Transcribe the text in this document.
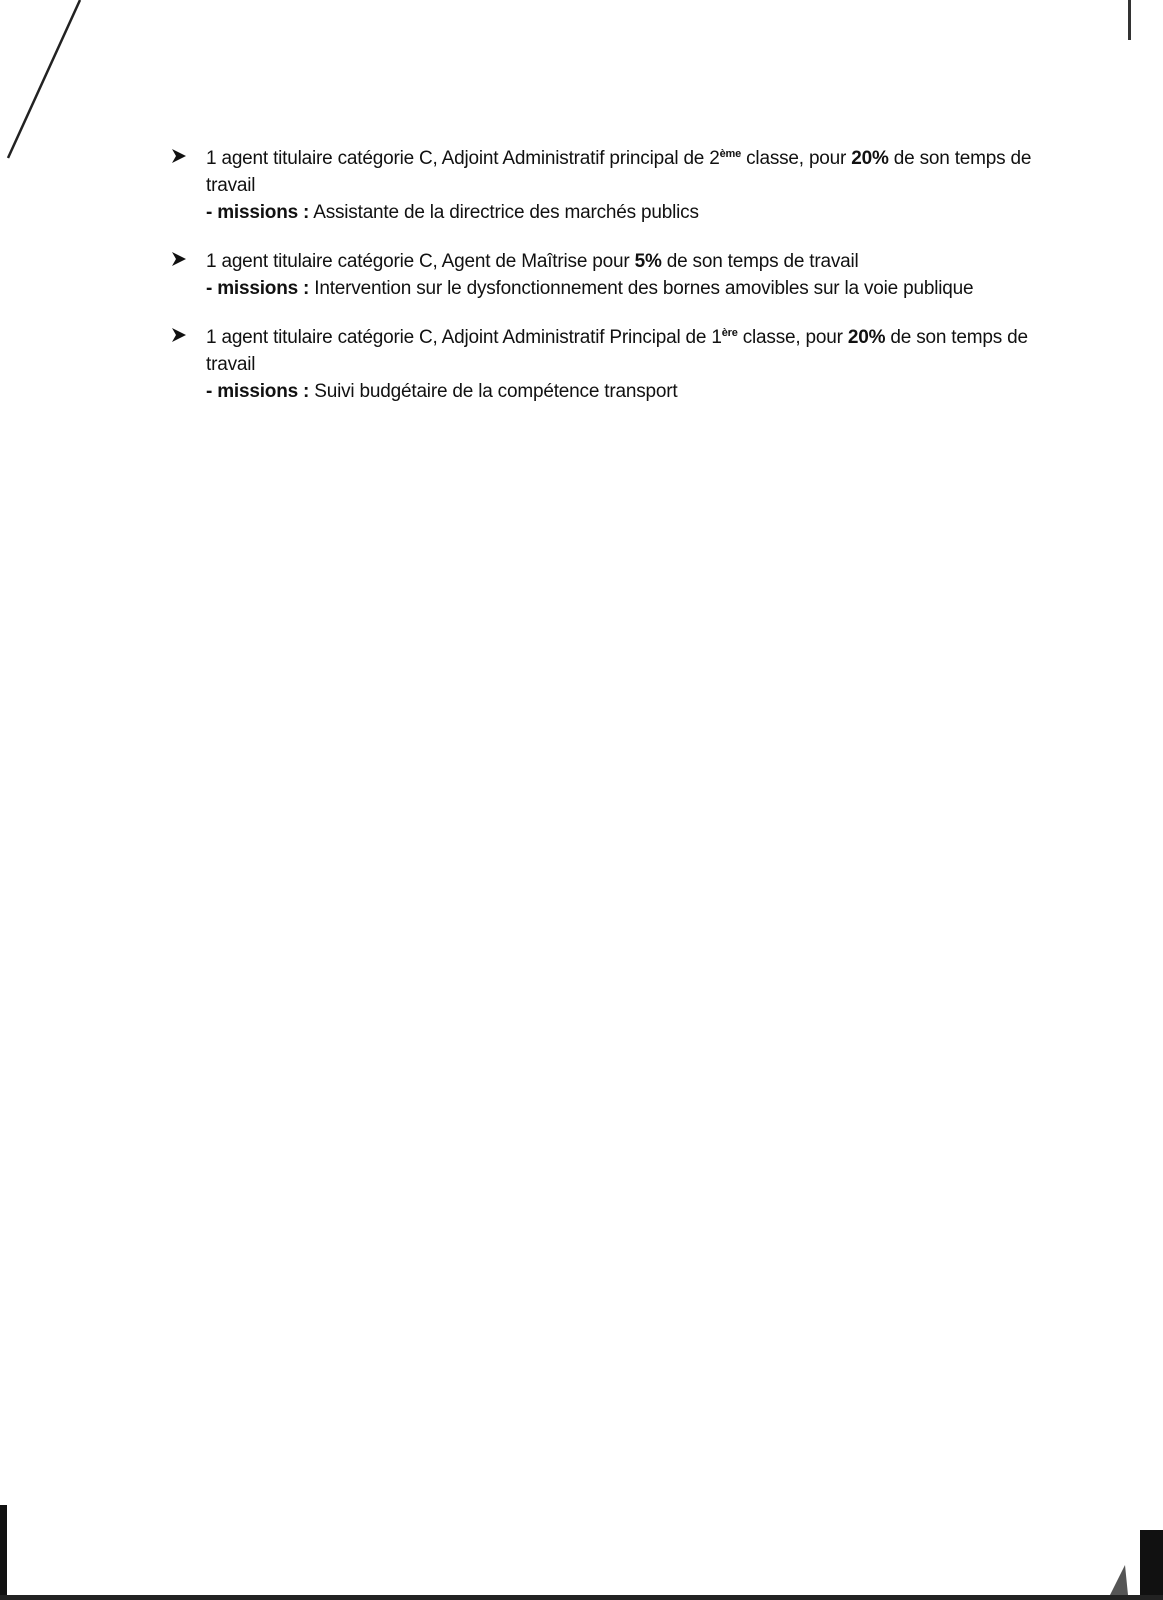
1 agent titulaire catégorie C, Adjoint Administratif principal de 2ème classe, pour 20% de son temps de travail
- missions : Assistante de la directrice des marchés publics
1 agent titulaire catégorie C, Agent de Maîtrise pour 5% de son temps de travail
- missions : Intervention sur le dysfonctionnement des bornes amovibles sur la voie publique
1 agent titulaire catégorie C, Adjoint Administratif Principal de 1ère classe, pour 20% de son temps de travail
- missions : Suivi budgétaire de la compétence transport
